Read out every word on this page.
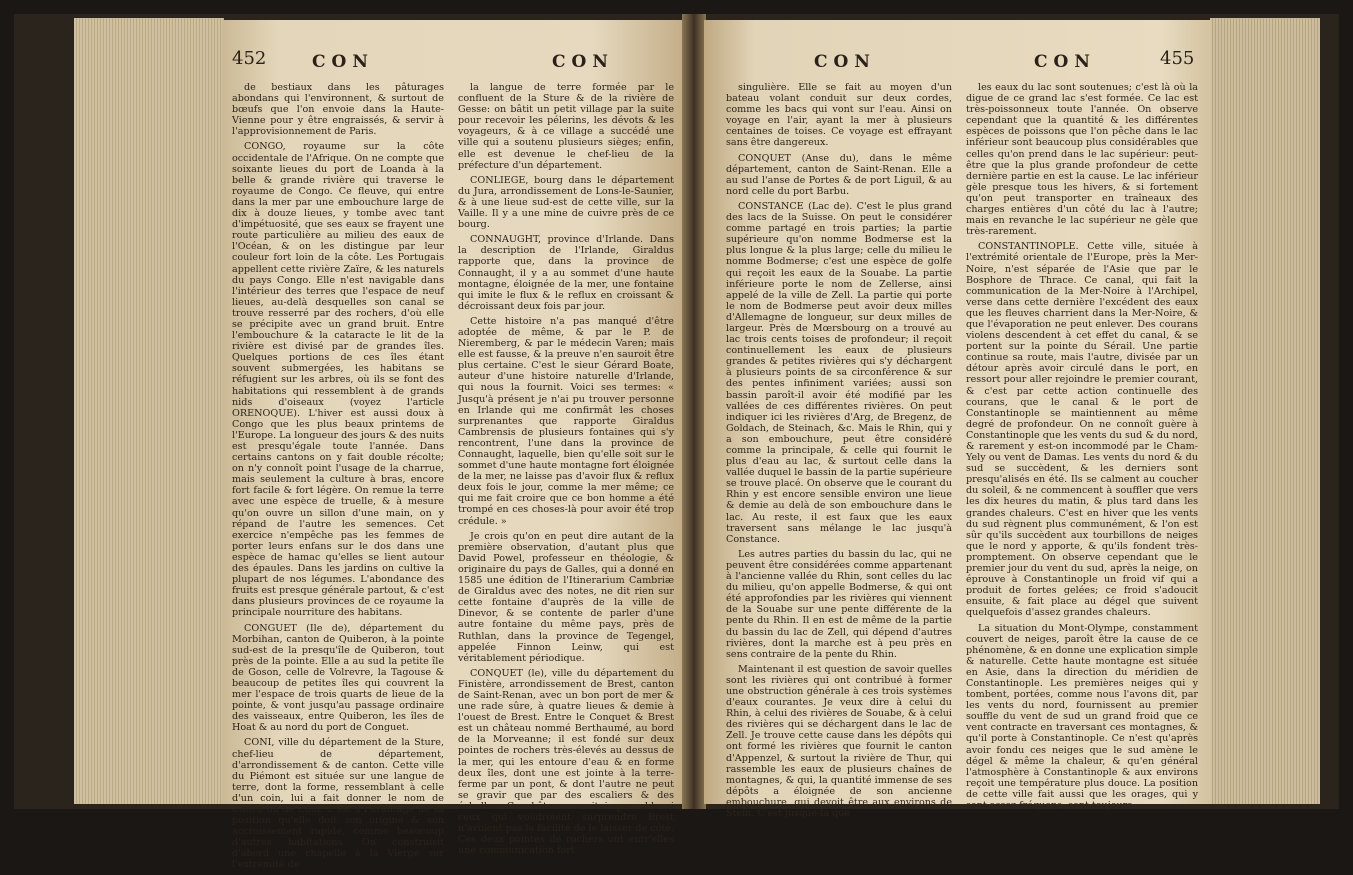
452	CON	CON

de bestiaux dans les pâturages abondans qui l'environnent, & surtout de bœufs que l'on envoie dans la Haute-Vienne pour y être engraissés, & servir à l'approvisionnement de Paris.

CONGO, royaume sur la côte occidentale de l'Afrique. On ne compte que soixante lieues du port de Loanda à la belle & grande rivière qui traverse le royaume de Congo. Ce fleuve, qui entre dans la mer par une embouchure large de dix à douze lieues, y tombe avec tant d'impétuosité, que ses eaux se frayent une route particulière au milieu des eaux de l'Océan, & on les distingue par leur couleur fort loin de la côte. Les Portugais appellent cette rivière Zaïre, & les naturels du pays Congo. Elle n'est navigable dans l'intérieur des terres que l'espace de neuf lieues, au-delà desquelles son canal se trouve resserré par des rochers, d'où elle se précipite avec un grand bruit. Entre l'embouchure & la cataracte le lit de la rivière est divisé par de grandes îles. Quelques portions de ces îles étant souvent submergées, les habitans se réfugient sur les arbres, où ils se font des habitations qui ressemblent à de grands nids d'oiseaux (voyez l'article ORENOQUE). L'hiver est aussi doux à Congo que les plus beaux printems de l'Europe. La longueur des jours & des nuits est presqu'égale toute l'année. Dans certains cantons on y fait double récolte; on n'y connoît point l'usage de la charrue, mais seulement la culture à bras, encore fort facile & fort légère. On remue la terre avec une espèce de truelle, & à mesure qu'on ouvre un sillon d'une main, on y répand de l'autre les semences. Cet exercice n'empêche pas les femmes de porter leurs enfans sur le dos dans une espèce de hamac qu'elles se lient autour des épaules. Dans les jardins on cultive la plupart de nos légumes. L'abondance des fruits est presque générale partout, & c'est dans plusieurs provinces de ce royaume la principale nourriture des habitans.

CONGUET (Ile de), département du Morbihan, canton de Quiberon, à la pointe sud-est de la presqu'île de Quiberon, tout près de la pointe. Elle a au sud la petite île de Goson, celle de Volrevre, la Tagouse & beaucoup de petites îles qui couvrent la mer l'espace de trois quarts de lieue de la pointe, & vont jusqu'au passage ordinaire des vaisseaux, entre Quiberon, les îles de Hoat & au nord du port de Conguet.

CONI, ville du département de la Sture, chef-lieu de département, d'arrondissement & de canton. Cette ville du Piémont est située sur une langue de terre, dont la forme, ressemblant à celle d'un coin, lui a fait donner le nom de Cuneo ou de Coni. C'est à l'avantage de sa position qu'elle doit son origine & son accroissement rapide, comme beaucoup d'autres habitations. On construisit d'abord une chapelle à la Vierge sur l'extrémité de

la langue de terre formée par le confluent de la Sture & de la rivière de Gesse: on bâtit un petit village par la suite pour recevoir les pélerins, les dévots & les voyageurs, & à ce village a succédé une ville qui a soutenu plusieurs sièges; enfin, elle est devenue le chef-lieu de la préfecture d'un département.

CONLIEGE, bourg dans le département du Jura, arrondissement de Lons-le-Saunier, & à une lieue sud-est de cette ville, sur la Vaille. Il y a une mine de cuivre près de ce bourg.

CONNAUGHT, province d'Irlande. Dans la description de l'Irlande, Giraldus rapporte que, dans la province de Connaught, il y a au sommet d'une haute montagne, éloignée de la mer, une fontaine qui imite le flux & le reflux en croissant & décroissant deux fois par jour.

Cette histoire n'a pas manqué d'être adoptée de même, & par le P. de Nieremberg, & par le médecin Varen; mais elle est fausse, & la preuve n'en sauroit être plus certaine. C'est le sieur Gérard Boate, auteur d'une histoire naturelle d'Irlande, qui nous la fournit. Voici ses termes: « Jusqu'à présent je n'ai pu trouver personne en Irlande qui me confirmât les choses surprenantes que rapporte Giraldus Cambrensis de plusieurs fontaines qui s'y rencontrent, l'une dans la province de Connaught, laquelle, bien qu'elle soit sur le sommet d'une haute montagne fort éloignée de la mer, ne laisse pas d'avoir flux & reflux deux fois le jour, comme la mer même; ce qui me fait croire que ce bon homme a été trompé en ces choses-là pour avoir été trop crédule. »

Je crois qu'on en peut dire autant de la première observation, d'autant plus que David Powel, professeur en théologie, & originaire du pays de Galles, qui a donné en 1585 une édition de l'Itinerarium Cambriæ de Giraldus avec des notes, ne dit rien sur cette fontaine d'auprès de la ville de Dinevor, & se contente de parler d'une autre fontaine du même pays, près de Ruthlan, dans la province de Tegengel, appelée Finnon Leinw, qui est véritablement périodique.

CONQUET (le), ville du département du Finistère, arrondissement de Brest, canton de Saint-Renan, avec un bon port de mer & une rade sûre, à quatre lieues & demie à l'ouest de Brest. Entre le Conquet & Brest est un château nommé Berthaumé, au bord de la Morveanne; il est fondé sur deux pointes de rochers très-élevés au dessus de la mer, qui les entoure d'eau & en forme deux îles, dont une est jointe à la terre-ferme par un pont, & dont l'autre ne peut se gravir que par des escaliers & des échelles. Ce château seroit imprenable si ceux qui voudroient surprendre Brest n'avoient pas la facilité de le laisser de côté. Ces deux pointes de rochers ont entr'elles une communication fort

CON	CON	455

singulière. Elle se fait au moyen d'un bateau volant conduit sur deux cordes, comme les bacs qui vont sur l'eau. Ainsi on voyage en l'air, ayant la mer à plusieurs centaines de toises. Ce voyage est effrayant sans être dangereux.

CONQUET (Anse du), dans le même département, canton de Saint-Renan. Elle a au sud l'anse de Portes & de port Liguil, & au nord celle du port Barbu.

CONSTANCE (Lac de). C'est le plus grand des lacs de la Suisse. On peut le considérer comme partagé en trois parties; la partie supérieure qu'on nomme Bodmerse est la plus longue & la plus large; celle du milieu le nomme Bodmerse; c'est une espèce de golfe qui reçoit les eaux de la Souabe. La partie inférieure porte le nom de Zellerse, ainsi appelé de la ville de Zell. La partie qui porte le nom de Bodmerse peut avoir deux milles d'Allemagne de longueur, sur deux milles de largeur. Près de Mœrsbourg on a trouvé au lac trois cents toises de profondeur; il reçoit continuellement les eaux de plusieurs grandes & petites rivières qui s'y déchargent à plusieurs points de sa circonférence & sur des pentes infiniment variées; aussi son bassin paroît-il avoir été modifié par les vallées de ces différentes rivières. On peut indiquer ici les rivières d'Arg, de Bregenz, de Goldach, de Steinach, &c. Mais le Rhin, qui y a son embouchure, peut être considéré comme la principale, & celle qui fournit le plus d'eau au lac, & surtout celle dans la vallée duquel le bassin de la partie supérieure se trouve placé. On observe que le courant du Rhin y est encore sensible environ une lieue & demie au delà de son embouchure dans le lac. Au reste, il est faux que les eaux traversent sans mélange le lac jusqu'à Constance.

Les autres parties du bassin du lac, qui ne peuvent être considérées comme appartenant à l'ancienne vallée du Rhin, sont celles du lac du milieu, qu'on appelle Bodmerse, & qui ont été approfondies par les rivières qui viennent de la Souabe sur une pente différente de la pente du Rhin. Il en est de même de la partie du bassin du lac de Zell, qui dépend d'autres rivières, dont la marche est à peu près en sens contraire de la pente du Rhin.

Maintenant il est question de savoir quelles sont les rivières qui ont contribué à former une obstruction générale à ces trois systèmes d'eaux courantes. Je veux dire à celui du Rhin, à celui des rivières de Souabe, & à celui des rivières qui se déchargent dans le lac de Zell. Je trouve cette cause dans les dépôts qui ont formé les rivières que fournit le canton d'Appenzel, & surtout la rivière de Thur, qui rassemble les eaux de plusieurs chaînes de montagnes, & qui, la quantité immense de ses dépôts a éloignée de son ancienne embouchure, qui devoit être aux environs de Stein. C'est jusque-là que

les eaux du lac sont soutenues; c'est là où la digue de ce grand lac s'est formée. Ce lac est très-poissonneux toute l'année. On observe cependant que la quantité & les différentes espèces de poissons que l'on pêche dans le lac inférieur sont beaucoup plus considérables que celles qu'on prend dans le lac supérieur: peut-être que la plus grande profondeur de cette dernière partie en est la cause. Le lac inférieur gèle presque tous les hivers, & si fortement qu'on peut transporter en traîneaux des charges entières d'un côté du lac à l'autre; mais en revanche le lac supérieur ne gèle que très-rarement.

CONSTANTINOPLE. Cette ville, située à l'extrémité orientale de l'Europe, près la Mer-Noire, n'est séparée de l'Asie que par le Bosphore de Thrace. Ce canal, qui fait la communication de la Mer-Noire à l'Archipel, verse dans cette dernière l'excédent des eaux que les fleuves charrient dans la Mer-Noire, & que l'évaporation ne peut enlever. Des courans violens descendent à cet effet du canal, & se portent sur la pointe du Sérail. Une partie continue sa route, mais l'autre, divisée par un détour après avoir circulé dans le port, en ressort pour aller rejoindre le premier courant, & c'est par cette action continuelle des courans, que le canal & le port de Constantinople se maintiennent au même degré de profondeur. On ne connoît guère à Constantinople que les vents du sud & du nord, & rarement y est-on incommodé par le Cham-Yely ou vent de Damas. Les vents du nord & du sud se succèdent, & les derniers sont presqu'alisés en été. Ils se calment au coucher du soleil, & ne commencent à souffler que vers les dix heures du matin, & plus tard dans les grandes chaleurs. C'est en hiver que les vents du sud règnent plus communément, & l'on est sûr qu'ils succèdent aux tourbillons de neiges que le nord y apporte, & qu'ils fondent très-promptement. On observe cependant que le premier jour du vent du sud, après la neige, on éprouve à Constantinople un froid vif qui a produit de fortes gelées; ce froid s'adoucit ensuite, & fait place au dégel que suivent quelquefois d'assez grandes chaleurs.

La situation du Mont-Olympe, constamment couvert de neiges, paroît être la cause de ce phénomène, & en donne une explication simple & naturelle. Cette haute montagne est située en Asie, dans la direction du méridien de Constantinople. Les premières neiges qui y tombent, portées, comme nous l'avons dit, par les vents du nord, fournissent au premier souffle du vent de sud un grand froid que ce vent contracte en traversant ces montagnes, & qu'il porte à Constantinople. Ce n'est qu'après avoir fondu ces neiges que le sud amène le dégel & même la chaleur, & qu'en général l'atmosphère à Constantinople & aux environs reçoit une température plus douce. La position de cette ville fait aussi que les orages, qui y sont assez fréquens, sont toujours
